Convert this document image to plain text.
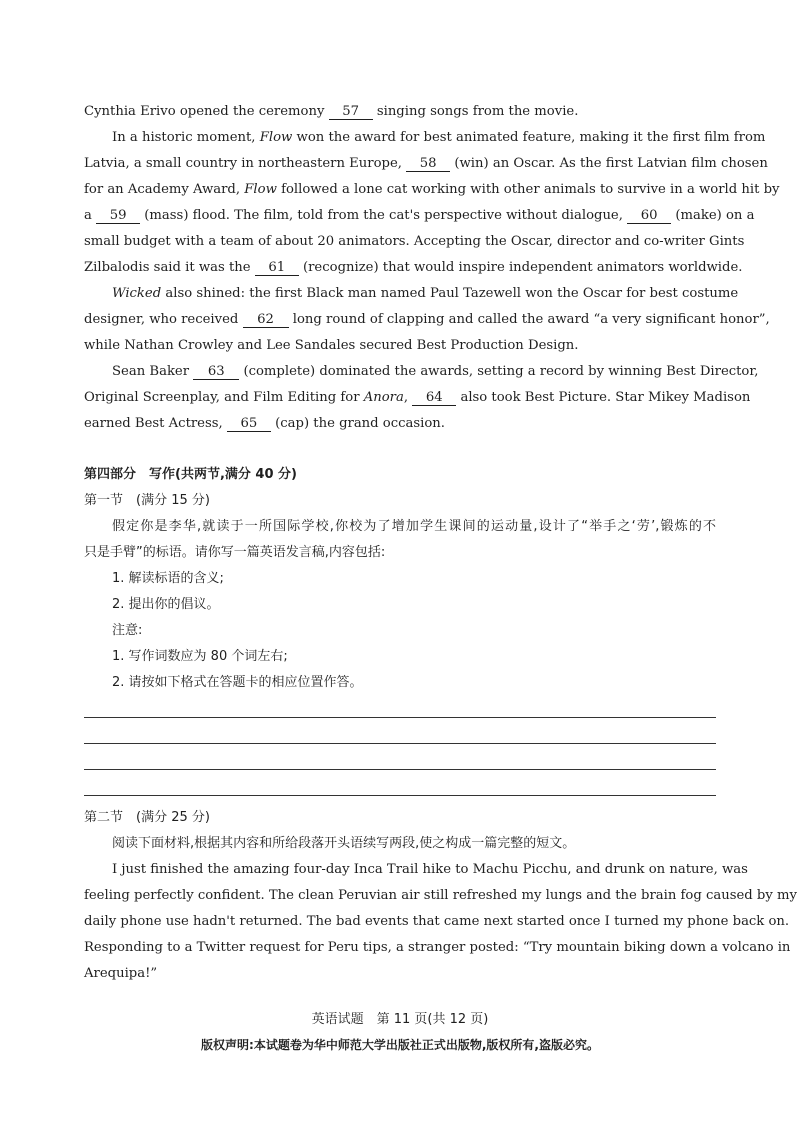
Cynthia Erivo opened the ceremony 57 singing songs from the movie.
In a historic moment, Flow won the award for best animated feature, making it the first film from
Latvia, a small country in northeastern Europe, 58 (win) an Oscar. As the first Latvian film chosen
for an Academy Award, Flow followed a lone cat working with other animals to survive in a world hit by
a 59 (mass) flood. The film, told from the cat's perspective without dialogue, 60 (make) on a
small budget with a team of about 20 animators. Accepting the Oscar, director and co-writer Gints
Zilbalodis said it was the 61 (recognize) that would inspire independent animators worldwide.
Wicked also shined: the first Black man named Paul Tazewell won the Oscar for best costume
designer, who received 62 long round of clapping and called the award “a very significant honor”,
while Nathan Crowley and Lee Sandales secured Best Production Design.
Sean Baker 63 (complete) dominated the awards, setting a record by winning Best Director,
Original Screenplay, and Film Editing for Anora, 64 also took Best Picture. Star Mikey Madison
earned Best Actress, 65 (cap) the grand occasion.
第四部分　写作(共两节,满分 40 分)
第一节　(满分 15 分)
假定你是李华,就读于一所国际学校,你校为了增加学生课间的运动量,设计了“举手之‘劳’,锻炼的不
只是手臂”的标语。请你写一篇英语发言稿,内容包括:
1. 解读标语的含义;
2. 提出你的倡议。
注意:
1. 写作词数应为 80 个词左右;
2. 请按如下格式在答题卡的相应位置作答。
第二节　(满分 25 分)
阅读下面材料,根据其内容和所给段落开头语续写两段,使之构成一篇完整的短文。
I just finished the amazing four-day Inca Trail hike to Machu Picchu, and drunk on nature, was
feeling perfectly confident. The clean Peruvian air still refreshed my lungs and the brain fog caused by my
daily phone use hadn't returned. The bad events that came next started once I turned my phone back on.
Responding to a Twitter request for Peru tips, a stranger posted: “Try mountain biking down a volcano in
Arequipa!”
英语试题　第 11 页(共 12 页)
版权声明:本试题卷为华中师范大学出版社正式出版物,版权所有,盗版必究。
